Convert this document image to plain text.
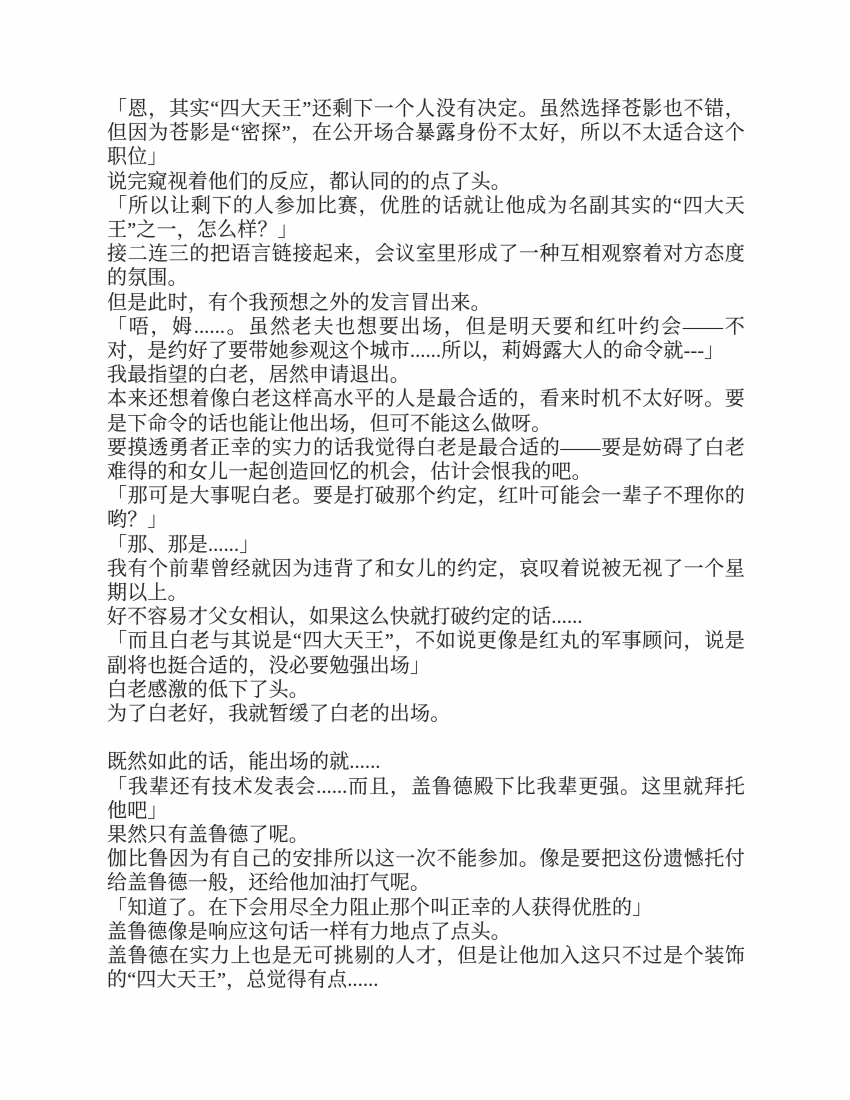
「恩，其实“四大天王”还剩下一个人没有决定。虽然选择苍影也不错，
但因为苍影是“密探”，在公开场合暴露身份不太好，所以不太适合这个
职位」
说完窥视着他们的反应，都认同的的点了头。
「所以让剩下的人参加比赛，优胜的话就让他成为名副其实的“四大天
王”之一，怎么样？」
接二连三的把语言链接起来，会议室里形成了一种互相观察着对方态度
的氛围。
但是此时，有个我预想之外的发言冒出来。
「唔，姆......。虽然老夫也想要出场，但是明天要和红叶约会——不
对，是约好了要带她参观这个城市......所以，莉姆露大人的命令就---」
我最指望的白老，居然申请退出。
本来还想着像白老这样高水平的人是最合适的，看来时机不太好呀。要
是下命令的话也能让他出场，但可不能这么做呀。
要摸透勇者正幸的实力的话我觉得白老是最合适的——要是妨碍了白老
难得的和女儿一起创造回忆的机会，估计会恨我的吧。
「那可是大事呢白老。要是打破那个约定，红叶可能会一辈子不理你的
哟？」
「那、那是......」
我有个前辈曾经就因为违背了和女儿的约定，哀叹着说被无视了一个星
期以上。
好不容易才父女相认，如果这么快就打破约定的话......
「而且白老与其说是“四大天王”，不如说更像是红丸的军事顾问，说是
副将也挺合适的，没必要勉强出场」
白老感激的低下了头。
为了白老好，我就暂缓了白老的出场。
既然如此的话，能出场的就......
「我辈还有技术发表会......而且，盖鲁德殿下比我辈更强。这里就拜托
他吧」
果然只有盖鲁德了呢。
伽比鲁因为有自己的安排所以这一次不能参加。像是要把这份遗憾托付
给盖鲁德一般，还给他加油打气呢。
「知道了。在下会用尽全力阻止那个叫正幸的人获得优胜的」
盖鲁德像是响应这句话一样有力地点了点头。
盖鲁德在实力上也是无可挑剔的人才，但是让他加入这只不过是个装饰
的“四大天王”，总觉得有点......
